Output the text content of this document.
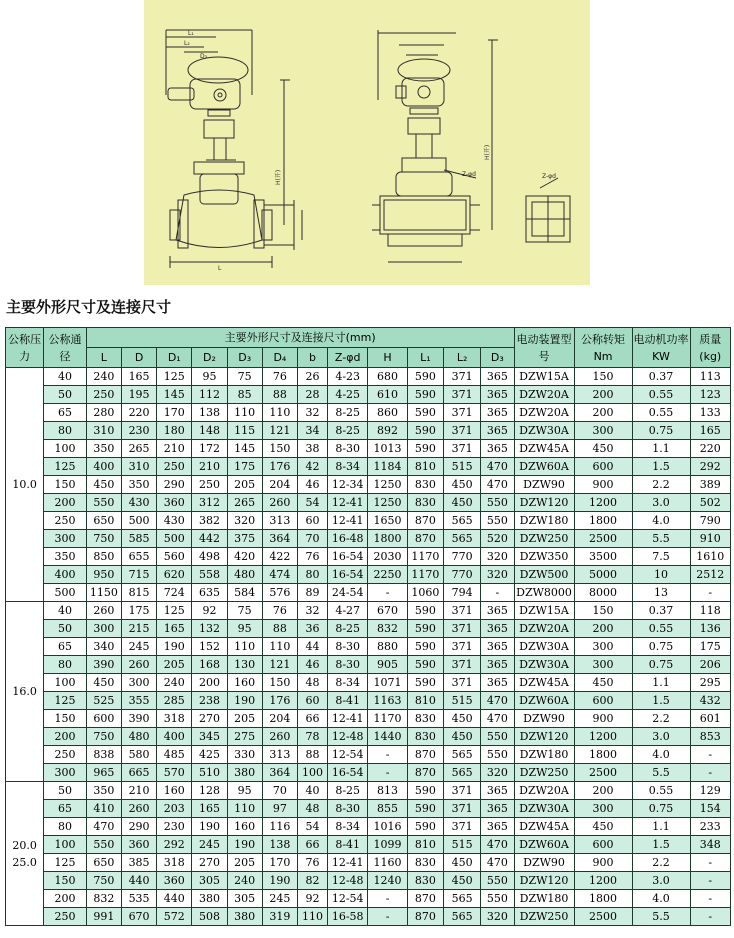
L₁
L₂
D₃
H(开)
H(开)
Z-φd	Z-φd
L
主要外形尺寸及连接尺寸
公称压力	公称通径	主要外形尺寸及连接尺寸(mm)												电动装置型号	公称转矩Nm	电动机功率KW	质量(kg)
		L	D	D₁	D₂	D₃	D₄	b	Z-φd	H	L₁	L₂	D₃				
10.0	40	240	165	125	95	75	76	26	4-23	680	590	371	365	DZW15A	150	0.37	113
	50	250	195	145	112	85	88	28	4-25	610	590	371	365	DZW20A	200	0.55	123
	65	280	220	170	138	110	110	32	8-25	860	590	371	365	DZW20A	200	0.55	133
	80	310	230	180	148	115	121	34	8-25	892	590	371	365	DZW30A	300	0.75	165
	100	350	265	210	172	145	150	38	8-30	1013	590	371	365	DZW45A	450	1.1	220
	125	400	310	250	210	175	176	42	8-34	1184	810	515	470	DZW60A	600	1.5	292
	150	450	350	290	250	205	204	46	12-34	1250	830	450	470	DZW90	900	2.2	389
	200	550	430	360	312	265	260	54	12-41	1250	830	450	550	DZW120	1200	3.0	502
	250	650	500	430	382	320	313	60	12-41	1650	870	565	550	DZW180	1800	4.0	790
	300	750	585	500	442	375	364	70	16-48	1800	870	565	520	DZW250	2500	5.5	910
	350	850	655	560	498	420	422	76	16-54	2030	1170	770	320	DZW350	3500	7.5	1610
	400	950	715	620	558	480	474	80	16-54	2250	1170	770	320	DZW500	5000	10	2512
	500	1150	815	724	635	584	576	89	24-54	-	1060	794	-	DZW8000	8000	13	-
16.0	40	260	175	125	92	75	76	32	4-27	670	590	371	365	DZW15A	150	0.37	118
	50	300	215	165	132	95	88	36	8-25	832	590	371	365	DZW20A	200	0.55	136
	65	340	245	190	152	110	110	44	8-30	880	590	371	365	DZW30A	300	0.75	175
	80	390	260	205	168	130	121	46	8-30	905	590	371	365	DZW30A	300	0.75	206
	100	450	300	240	200	160	150	48	8-34	1071	590	371	365	DZW45A	450	1.1	295
	125	525	355	285	238	190	176	60	8-41	1163	810	515	470	DZW60A	600	1.5	432
	150	600	390	318	270	205	204	66	12-41	1170	830	450	470	DZW90	900	2.2	601
	200	750	480	400	345	275	260	78	12-48	1440	830	450	550	DZW120	1200	3.0	853
	250	838	580	485	425	330	313	88	12-54	-	870	565	550	DZW180	1800	4.0	-
	300	965	665	570	510	380	364	100	16-54	-	870	565	320	DZW250	2500	5.5	-

20.0
25.0	50	350	210	160	128	95	70	40	8-25	813	590	371	365	DZW20A	200	0.55	129
	65	410	260	203	165	110	97	48	8-30	855	590	371	365	DZW30A	300	0.75	154
	80	470	290	230	190	160	116	54	8-34	1016	590	371	365	DZW45A	450	1.1	233
	100	550	360	292	245	190	138	66	8-41	1099	810	515	470	DZW60A	600	1.5	348
	125	650	385	318	270	205	170	76	12-41	1160	830	450	470	DZW90	900	2.2	-
	150	750	440	360	305	240	190	82	12-48	1240	830	450	550	DZW120	1200	3.0	-
	200	832	535	440	380	305	245	92	12-54	-	870	565	550	DZW180	1800	4.0	-
	250	991	670	572	508	380	319	110	16-58	-	870	565	320	DZW250	2500	5.5	-
